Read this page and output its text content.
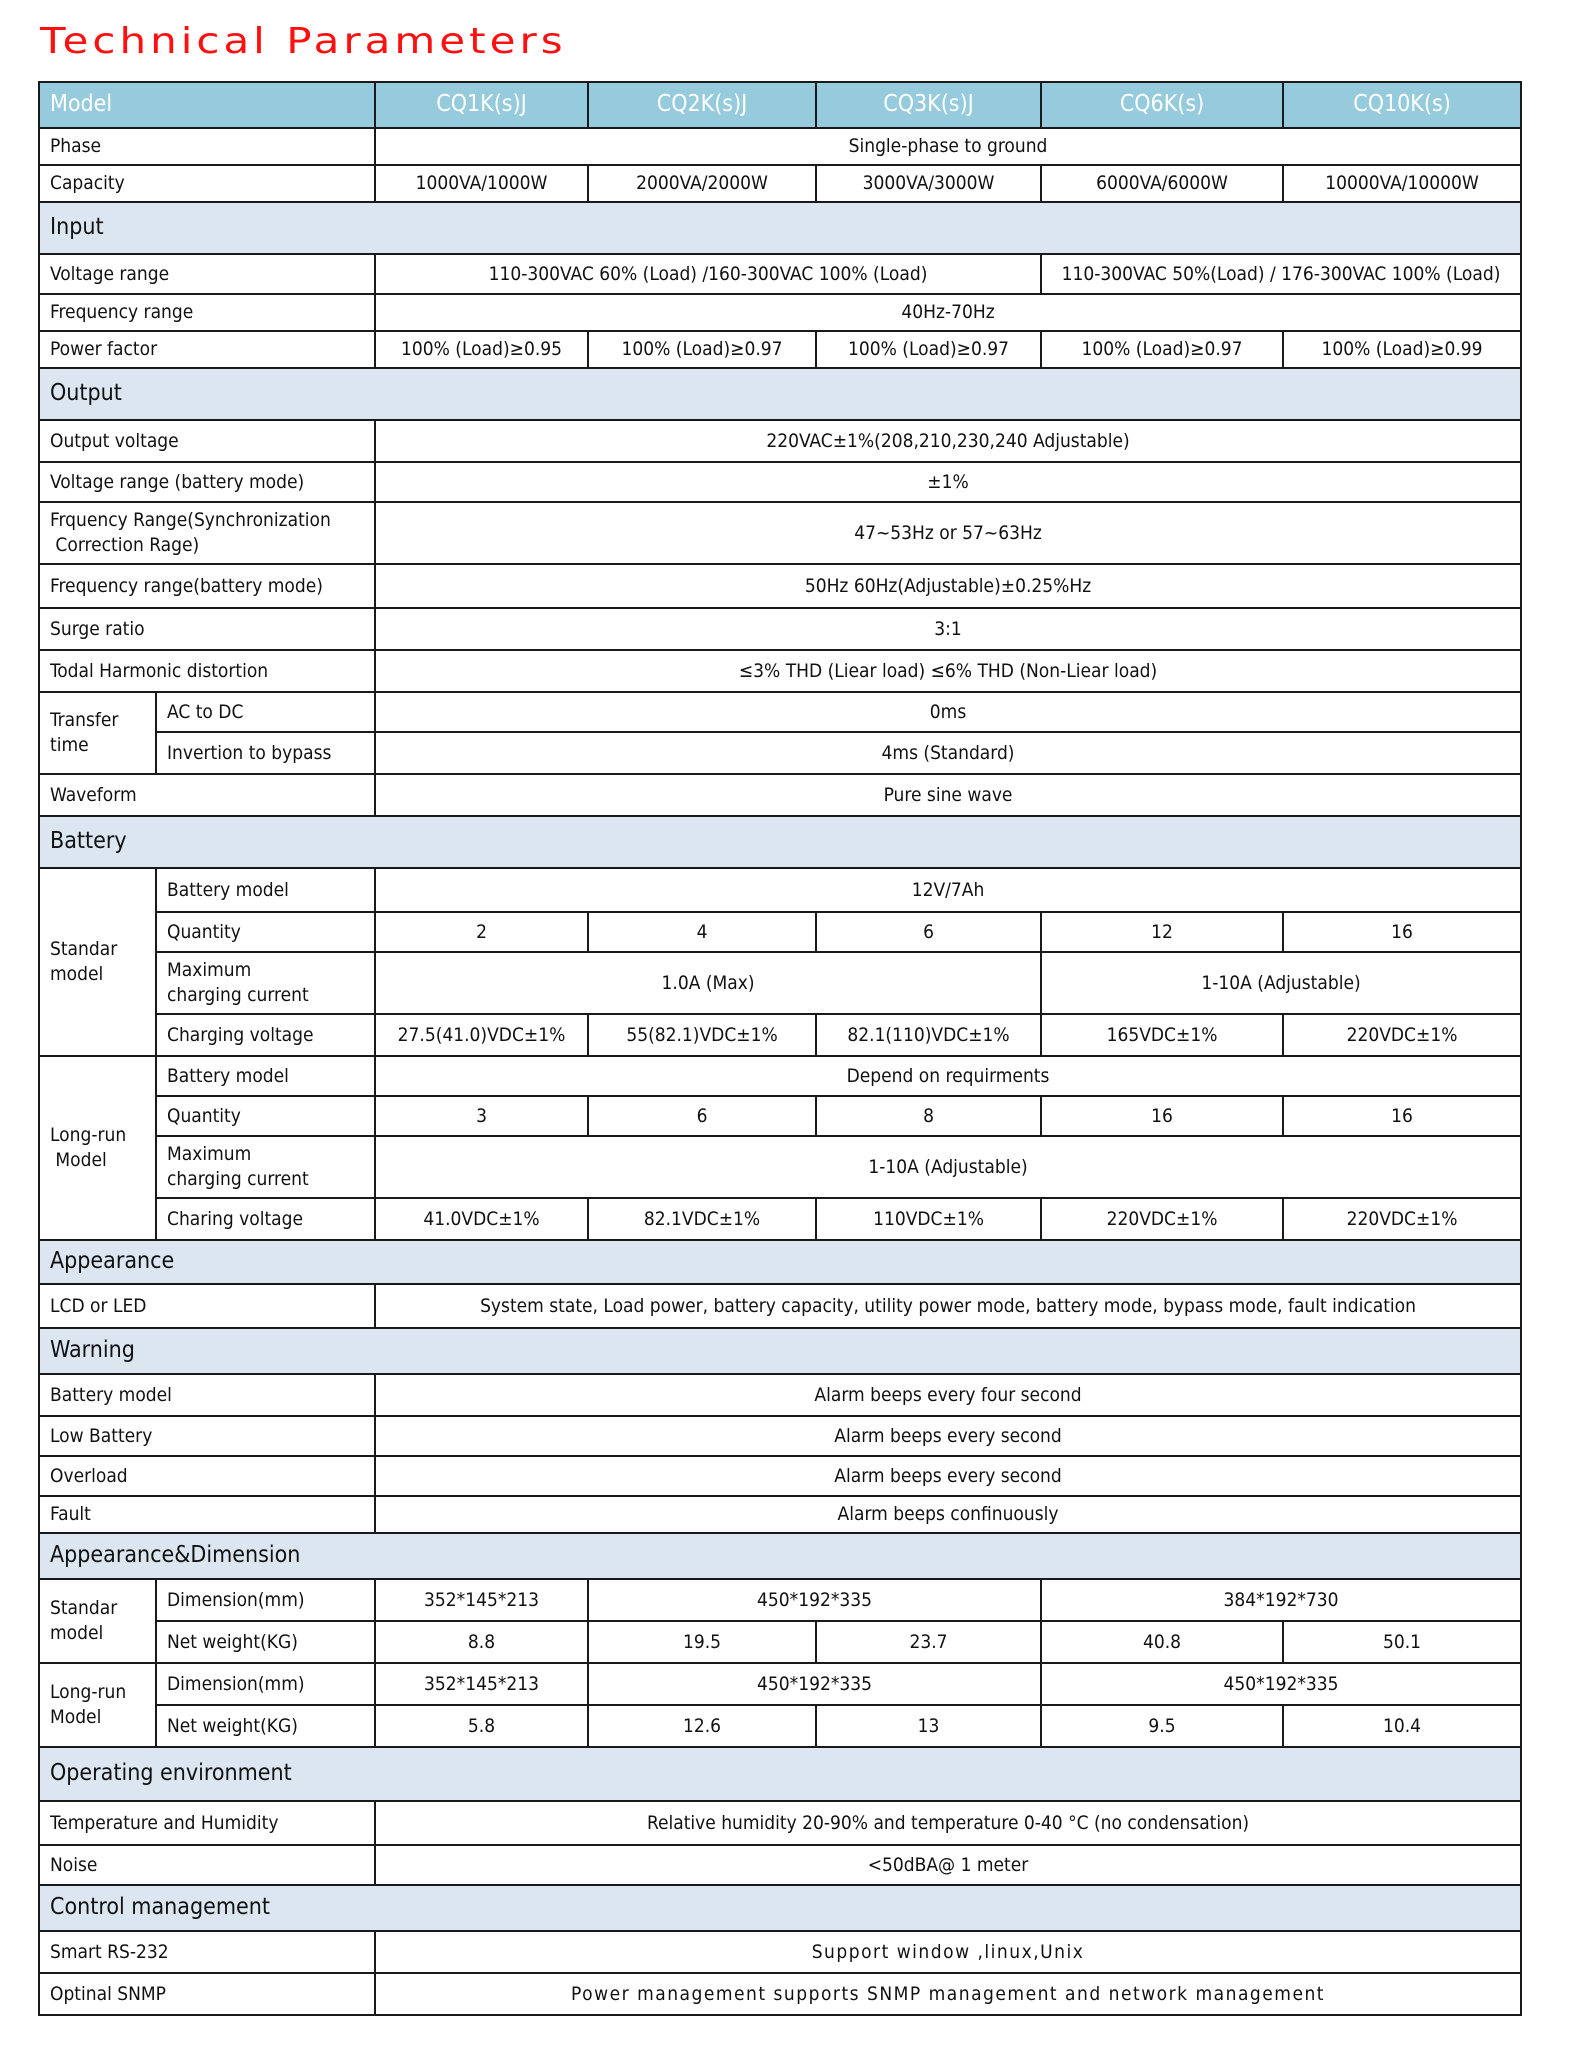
Technical Parameters
Model		CQ1K(s)J	CQ2K(s)J	CQ3K(s)J	CQ6K(s)	CQ10K(s)
Phase		Single-phase to ground				
Capacity		1000VA/1000W	2000VA/2000W	3000VA/3000W	6000VA/6000W	10000VA/10000W
Input						
Voltage range		110-300VAC 60% (Load) /160-300VAC 100% (Load)			110-300VAC 50%(Load) / 176-300VAC 100% (Load)	
Frequency range		40Hz-70Hz				
Power factor		100% (Load)≥0.95	100% (Load)≥0.97	100% (Load)≥0.97	100% (Load)≥0.97	100% (Load)≥0.99
Output						
Output voltage		220VAC±1%(208,210,230,240 Adjustable)				
Voltage range (battery mode)		±1%				

Frquency Range(Synchronization
Correction Rage)		47~53Hz or 57~63Hz				
Frequency range(battery mode)		50Hz 60Hz(Adjustable)±0.25%Hz				
Surge ratio		3:1				
Todal Harmonic distortion		≤3% THD (Liear load) ≤6% THD (Non-Liear load)				

Transfer
time	AC to DC	0ms				
	Invertion to bypass	4ms (Standard)				
Waveform		Pure sine wave				
Battery						

Standar
model	Battery model	12V/7Ah				
	Quantity	2	4	6	12	16

	Maximum
charging current	1.0A (Max)			1-10A (Adjustable)	
	Charging voltage	27.5(41.0)VDC±1%	55(82.1)VDC±1%	82.1(110)VDC±1%	165VDC±1%	220VDC±1%

Long-run
Model	Battery model	Depend on requirments				
	Quantity	3	6	8	16	16

	Maximum
charging current	1-10A (Adjustable)				
	Charing voltage	41.0VDC±1%	82.1VDC±1%	110VDC±1%	220VDC±1%	220VDC±1%
Appearance						
LCD or LED		System state, Load power, battery capacity, utility power mode, battery mode, bypass mode, fault indication				
Warning						
Battery model		Alarm beeps every four second				
Low Battery		Alarm beeps every second				
Overload		Alarm beeps every second				
Fault		Alarm beeps confinuously				
Appearance&Dimension						

Standar
model	Dimension(mm)	352*145*213	450*192*335		384*192*730	
	Net weight(KG)	8.8	19.5	23.7	40.8	50.1

Long-run
Model	Dimension(mm)	352*145*213	450*192*335		450*192*335	
	Net weight(KG)	5.8	12.6	13	9.5	10.4
Operating environment						
Temperature and Humidity		Relative humidity 20-90% and temperature 0-40 °C (no condensation)				
Noise		<50dBA@ 1 meter				
Control management						
Smart RS-232		Support window ,linux,Unix				
Optinal SNMP		Power management supports SNMP management and network management				
